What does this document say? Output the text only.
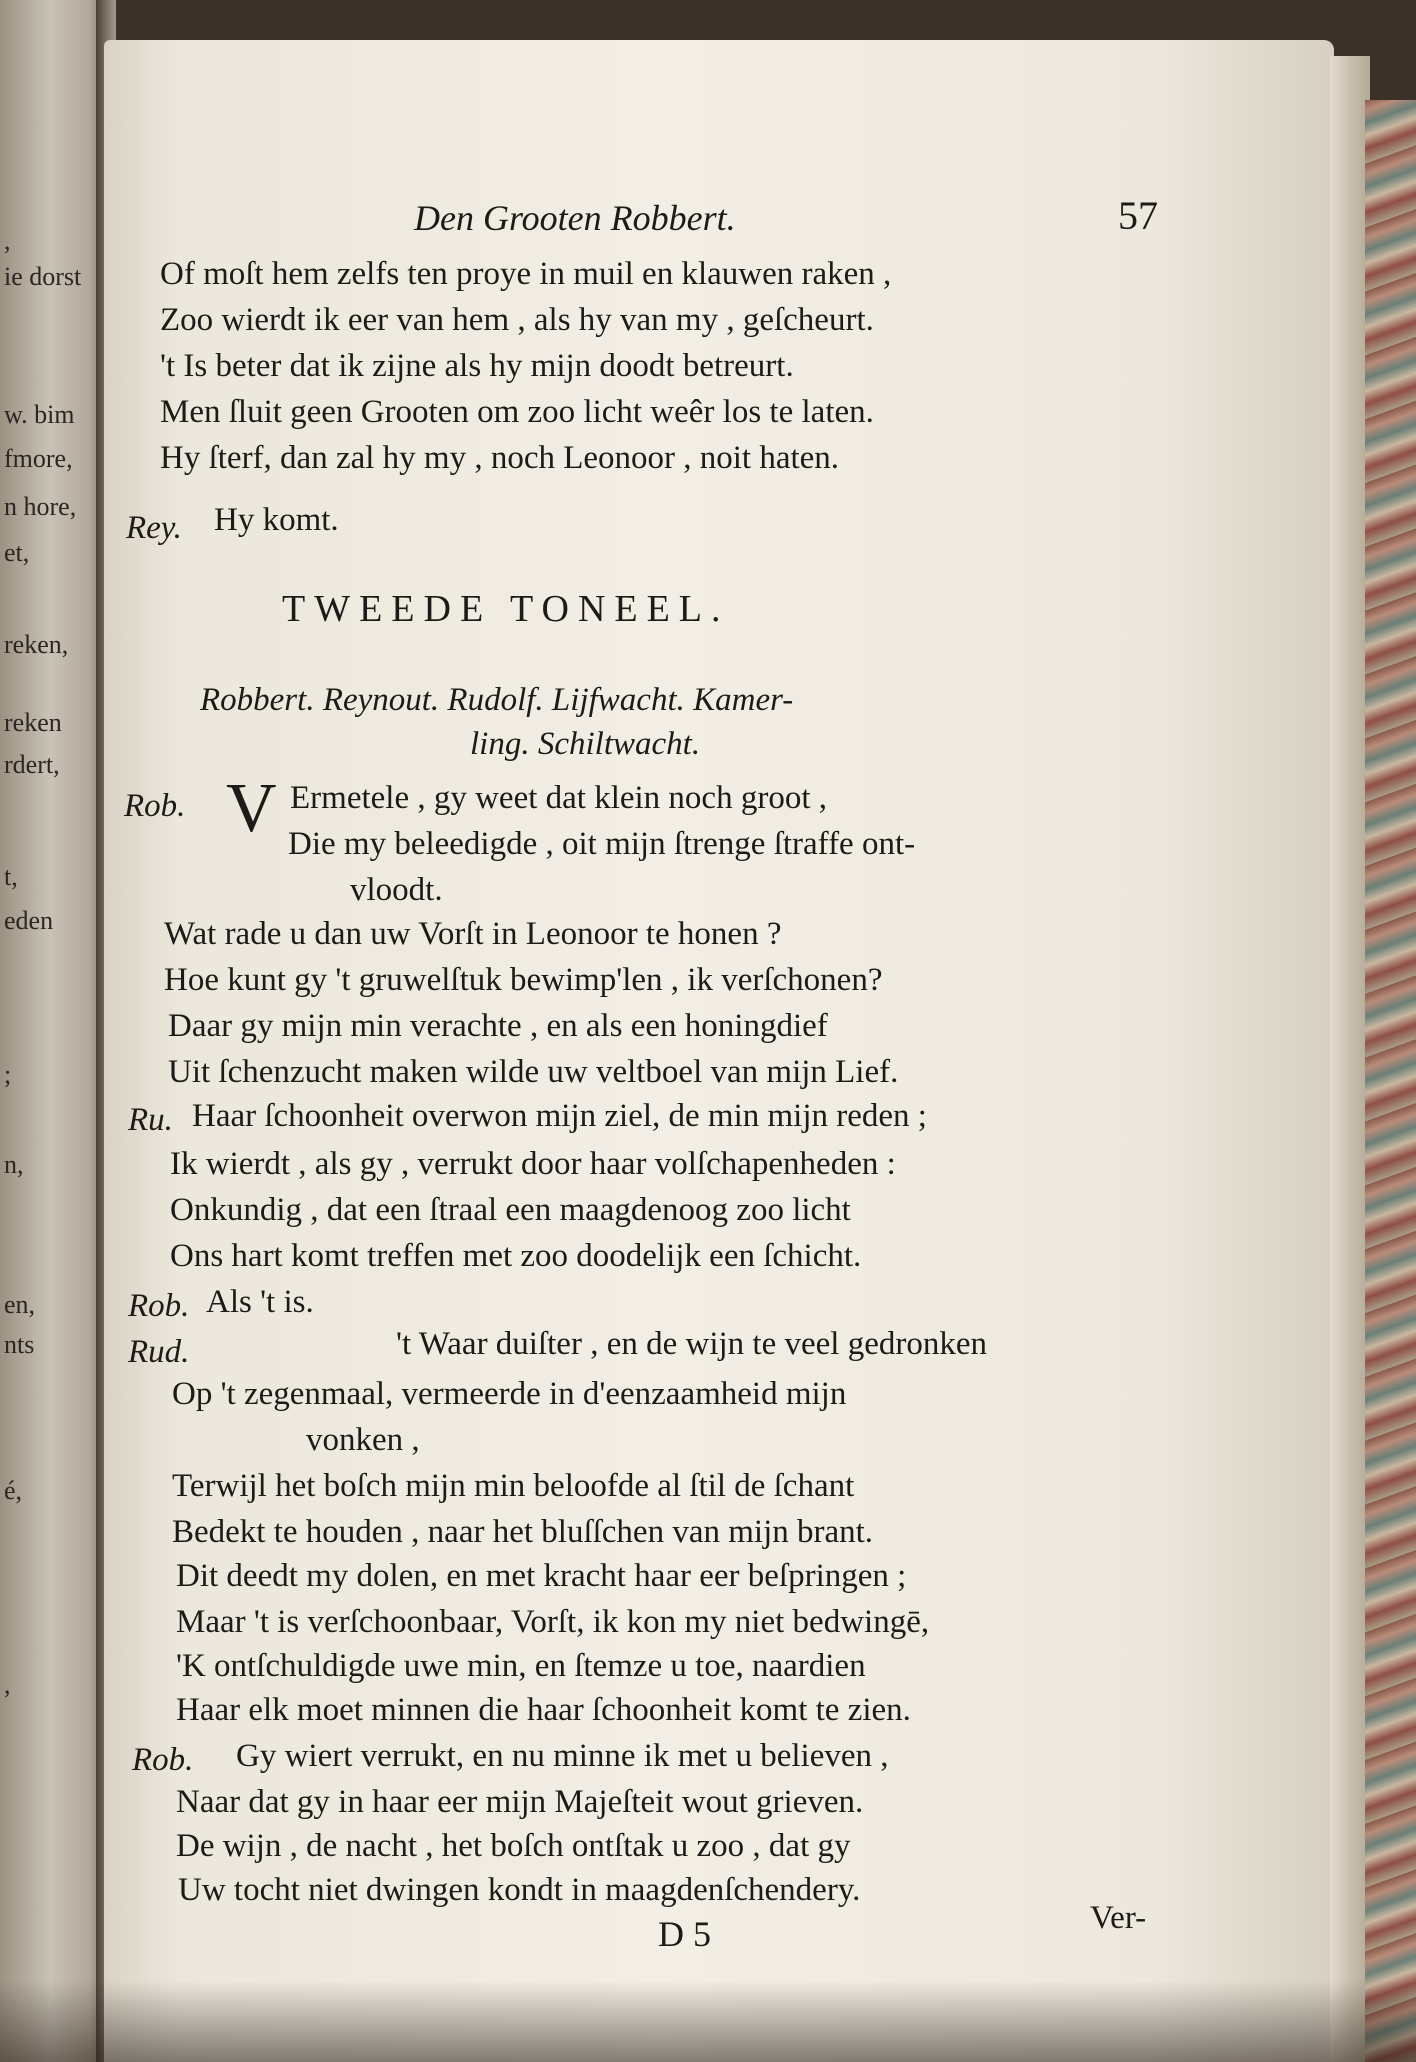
,
ie dorst
w. bim
fmore,
n hore,
et,
reken,
reken
rdert,
t,
eden
;
n,
en,
nts
é,
,
Den Grooten Robbert.	57
Of moſt hem zelfs ten proye in muil en klauwen raken ,
Zoo wierdt ik eer van hem , als hy van my , geſcheurt.
't Is beter dat ik zijne als hy mijn doodt betreurt.
Men ſluit geen Grooten om zoo licht weêr los te laten.
Hy ſterf, dan zal hy my , noch Leonoor , noit haten.
Rey. Hy komt.
TWEEDE TONEEL.
Robbert. Reynout. Rudolf. Lijfwacht. Kamer-
ling. Schiltwacht.
Rob. V Ermetele , gy weet dat klein noch groot ,
Die my beleedigde , oit mijn ſtrenge ſtraffe ont-
vloodt.
Wat rade u dan uw Vorſt in Leonoor te honen ?
Hoe kunt gy 't gruwelſtuk bewimp'len , ik verſchonen?
Daar gy mijn min verachte , en als een honingdief
Uit ſchenzucht maken wilde uw veltboel van mijn Lief.
Ru. Haar ſchoonheit overwon mijn ziel, de min mijn reden ;
Ik wierdt , als gy , verrukt door haar volſchapenheden :
Onkundig , dat een ſtraal een maagdenoog zoo licht
Ons hart komt treffen met zoo doodelijk een ſchicht.
Rob. Als 't is.
Rud.	't Waar duiſter , en de wijn te veel gedronken
Op 't zegenmaal, vermeerde in d'eenzaamheid mijn
vonken ,
Terwijl het boſch mijn min beloofde al ſtil de ſchant
Bedekt te houden , naar het bluſſchen van mijn brant.
Dit deedt my dolen, en met kracht haar eer beſpringen ;
Maar 't is verſchoonbaar, Vorſt, ik kon my niet bedwingē,
'K ontſchuldigde uwe min, en ſtemze u toe, naardien
Haar elk moet minnen die haar ſchoonheit komt te zien.
Rob. Gy wiert verrukt, en nu minne ik met u believen ,
Naar dat gy in haar eer mijn Majeſteit wout grieven.
De wijn , de nacht , het boſch ontſtak u zoo , dat gy
Uw tocht niet dwingen kondt in maagdenſchendery.
D 5	Ver-
